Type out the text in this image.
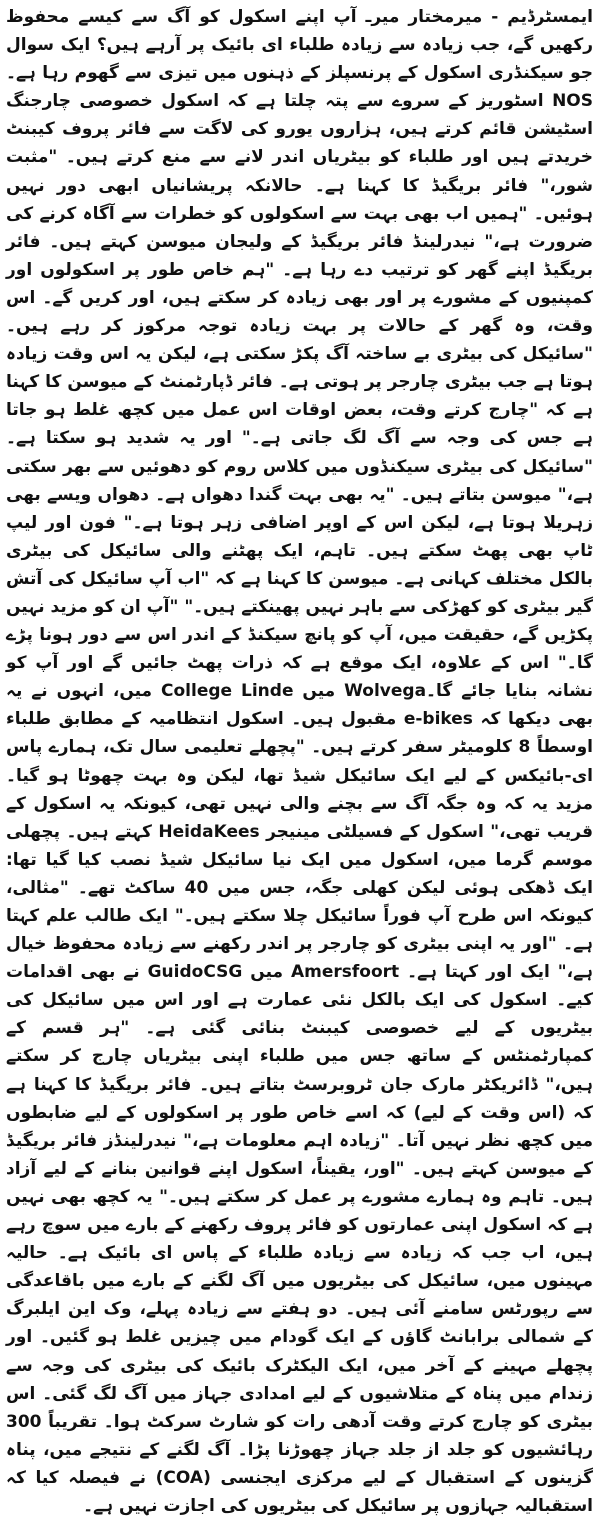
ایمسٹرڈیم - میرمختار میرـ آپ اپنے اسکول کو آگ سے کیسے محفوظ رکھیں گے، جب زیادہ سے زیادہ طلباء ای بائیک پر آرہے ہیں؟ ایک سوال جو سیکنڈری اسکول کے پرنسپلز کے ذہنوں میں تیزی سے گھوم رہا ہے۔NOS اسٹوریز کے سروے سے پتہ چلتا ہے کہ اسکول خصوصی چارجنگ اسٹیشن قائم کرتے ہیں، ہزاروں یورو کی لاگت سے فائر پروف کیبنٹ خریدتے ہیں اور طلباء کو بیٹریاں اندر لانے سے منع کرتے ہیں۔ "مثبت شور،" فائر بریگیڈ کا کہنا ہے۔ حالانکہ پریشانیاں ابھی دور نہیں ہوئیں۔ "ہمیں اب بھی بہت سے اسکولوں کو خطرات سے آگاہ کرنے کی ضرورت ہے،" نیدرلینڈ فائر بریگیڈ کے ولیجان میوسن کہتے ہیں۔ فائر بریگیڈ اپنے گھر کو ترتیب دے رہا ہے۔ "ہم خاص طور پر اسکولوں اور کمپنیوں کے مشورے پر اور بھی زیادہ کر سکتے ہیں، اور کریں گے۔ اس وقت، وہ گھر کے حالات پر بہت زیادہ توجہ مرکوز کر رہے ہیں۔ "سائیکل کی بیٹری بے ساختہ آگ پکڑ سکتی ہے، لیکن یہ اس وقت زیادہ ہوتا ہے جب بیٹری چارجر پر ہوتی ہے۔ فائر ڈپارٹمنٹ کے میوسن کا کہنا ہے کہ "چارج کرتے وقت، بعض اوقات اس عمل میں کچھ غلط ہو جاتا ہے جس کی وجہ سے آگ لگ جاتی ہے۔" اور یہ شدید ہو سکتا ہے۔ "سائیکل کی بیٹری سیکنڈوں میں کلاس روم کو دھوئیں سے بھر سکتی ہے،" میوسن بتاتے ہیں۔ "یہ بھی بہت گندا دھواں ہے۔ دھواں ویسے بھی زہریلا ہوتا ہے، لیکن اس کے اوپر اضافی زہر ہوتا ہے۔" فون اور لیپ ٹاپ بھی پھٹ سکتے ہیں۔ تاہم، ایک پھٹنے والی سائیکل کی بیٹری بالکل مختلف کہانی ہے۔ میوسن کا کہنا ہے کہ "اب آپ سائیکل کی آتش گیر بیٹری کو کھڑکی سے باہر نہیں پھینکتے ہیں۔" "آپ ان کو مزید نہیں پکڑیں گے، حقیقت میں، آپ کو پانچ سیکنڈ کے اندر اس سے دور ہونا پڑے گا۔" اس کے علاوہ، ایک موقع ہے کہ ذرات پھٹ جائیں گے اور آپ کو نشانہ بنایا جائے گا۔Wolvega میں College Linde میں، انہوں نے یہ بھی دیکھا کہ e-bikes مقبول ہیں۔ اسکول انتظامیہ کے مطابق طلباء اوسطاً 8 کلومیٹر سفر کرتے ہیں۔ "پچھلے تعلیمی سال تک، ہمارے پاس ای-بائیکس کے لیے ایک سائیکل شیڈ تھا، لیکن وہ بہت چھوٹا ہو گیا۔ مزید یہ کہ وہ جگہ آگ سے بچنے والی نہیں تھی، کیونکہ یہ اسکول کے قریب تھی،" اسکول کے فسیلٹی مینیجر HeidaKees کہتے ہیں۔ پچھلی موسم گرما میں، اسکول میں ایک نیا سائیکل شیڈ نصب کیا گیا تھا: ایک ڈھکی ہوئی لیکن کھلی جگہ، جس میں 40 ساکٹ تھے۔ "مثالی، کیونکہ اس طرح آپ فوراً سائیکل چلا سکتے ہیں۔" ایک طالب علم کہتا ہے۔ "اور یہ اپنی بیٹری کو چارجر پر اندر رکھنے سے زیادہ محفوظ خیال ہے،" ایک اور کہتا ہے۔ Amersfoort میں GuidoCSG نے بھی اقدامات کیے۔ اسکول کی ایک بالکل نئی عمارت ہے اور اس میں سائیکل کی بیٹریوں کے لیے خصوصی کیبنٹ بنائی گئی ہے۔ "ہر قسم کے کمپارٹمنٹس کے ساتھ جس میں طلباء اپنی بیٹریاں چارج کر سکتے ہیں،" ڈائریکٹر مارک جان ٹروبرسٹ بتاتے ہیں۔ فائر بریگیڈ کا کہنا ہے کہ (اس وقت کے لیے) کہ اسے خاص طور پر اسکولوں کے لیے ضابطوں میں کچھ نظر نہیں آتا۔ "زیادہ اہم معلومات ہے،" نیدرلینڈز فائر بریگیڈ کے میوسن کہتے ہیں۔ "اور، یقیناً، اسکول اپنے قوانین بنانے کے لیے آزاد ہیں۔ تاہم وہ ہمارے مشورے پر عمل کر سکتے ہیں۔" یہ کچھ بھی نہیں ہے کہ اسکول اپنی عمارتوں کو فائر پروف رکھنے کے بارے میں سوچ رہے ہیں، اب جب کہ زیادہ سے زیادہ طلباء کے پاس ای بائیک ہے۔ حالیہ مہینوں میں، سائیکل کی بیٹریوں میں آگ لگنے کے بارے میں باقاعدگی سے رپورٹس سامنے آئی ہیں۔ دو ہفتے سے زیادہ پہلے، وک این ایلبرگ کے شمالی برابانٹ گاؤں کے ایک گودام میں چیزیں غلط ہو گئیں۔ اور پچھلے مہینے کے آخر میں، ایک الیکٹرک بائیک کی بیٹری کی وجہ سے زندام میں پناہ کے متلاشیوں کے لیے امدادی جہاز میں آگ لگ گئی۔ اس بیٹری کو چارج کرتے وقت آدھی رات کو شارٹ سرکٹ ہوا۔ تقریباً 300 رہائشیوں کو جلد از جلد جہاز چھوڑنا پڑا۔ آگ لگنے کے نتیجے میں، پناہ گزینوں کے استقبال کے لیے مرکزی ایجنسی (COA) نے فیصلہ کیا کہ استقبالیہ جہازوں پر سائیکل کی بیٹریوں کی اجازت نہیں ہے۔
